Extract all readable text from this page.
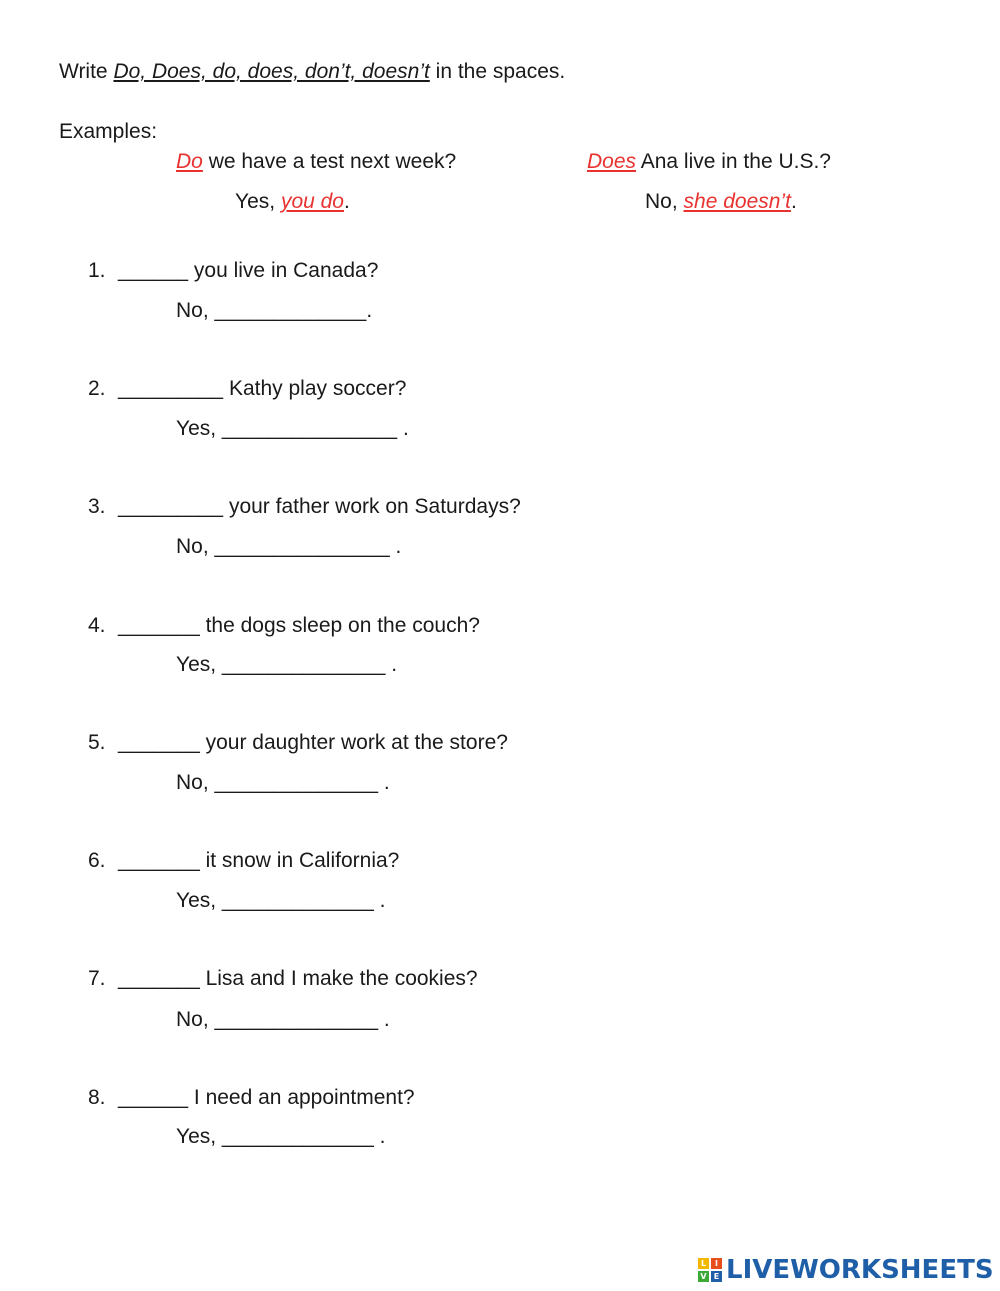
Write Do, Does, do, does, don’t, doesn’t in the spaces.
Examples:
Do we have a test next week?
Yes, you do.
Does Ana live in the U.S.?
No, she doesn’t.
1. ______ you live in Canada?
No, _____________.
2. _________ Kathy play soccer?
Yes, _______________ .
3. _________ your father work on Saturdays?
No, _______________ .
4. _______ the dogs sleep on the couch?
Yes, ______________ .
5. _______ your daughter work at the store?
No, ______________ .
6. _______ it snow in California?
Yes, _____________ .
7. _______ Lisa and I make the cookies?
No, ______________ .
8. ______ I need an appointment?
Yes, _____________ .
L	I
V E LIVEWORKSHEETS
